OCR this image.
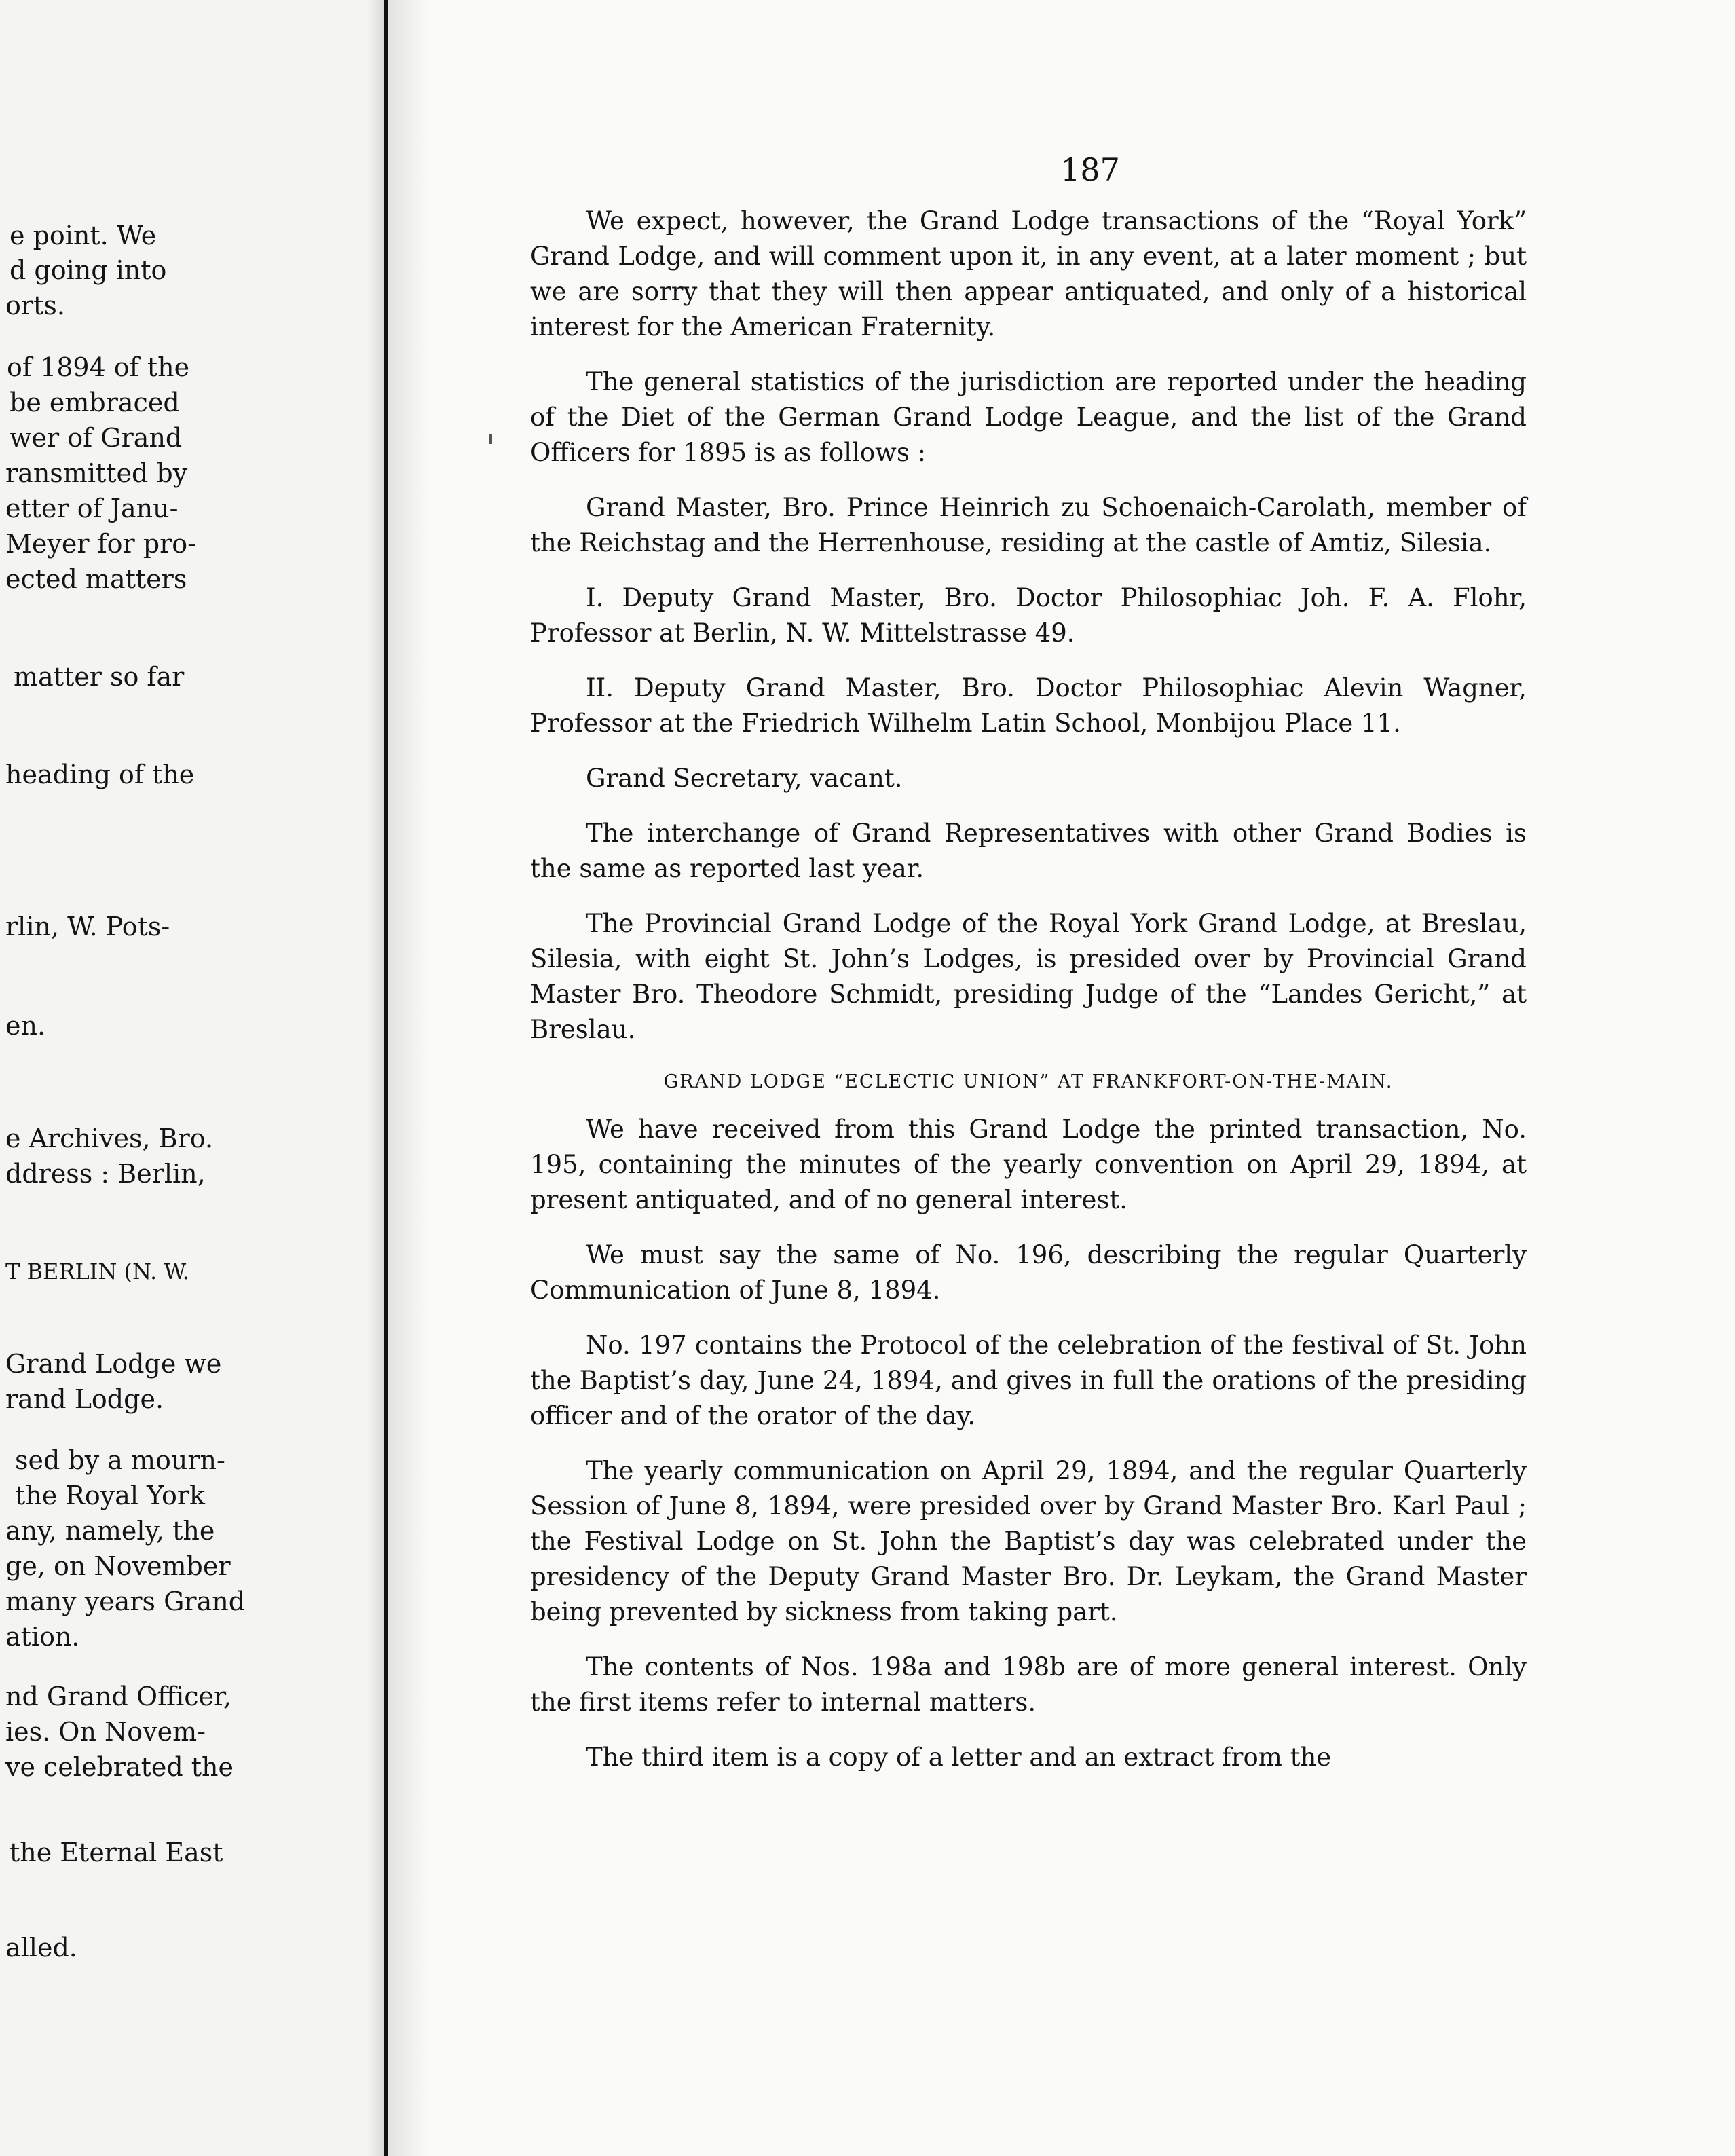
e point. We
d going into
orts.
of 1894 of the
be embraced
wer of Grand
ransmitted by
etter of Janu-
Meyer for pro-
ected matters
matter so far
heading of the
rlin, W. Pots-
en.
e Archives, Bro.
ddress : Berlin,
T BERLIN (N. W.
Grand Lodge we
rand Lodge.
sed by a mourn-
the Royal York
any, namely, the
ge, on November
many years Grand
ation.
nd Grand Officer,
ies. On Novem-
ve celebrated the
the Eternal East
alled.
187

We expect, however, the Grand Lodge transactions of the “Royal York” Grand Lodge, and will comment upon it, in any event, at a later moment ; but we are sorry that they will then appear antiquated, and only of a historical interest for the American Fraternity.

The general statistics of the jurisdiction are reported under the heading of the Diet of the German Grand Lodge League, and the list of the Grand Officers for 1895 is as follows :

Grand Master, Bro. Prince Heinrich zu Schoenaich-Carolath, member of the Reichstag and the Herrenhouse, residing at the castle of Amtiz, Silesia.

I. Deputy Grand Master, Bro. Doctor Philosophiac Joh. F. A. Flohr, Professor at Berlin, N. W. Mittelstrasse 49.

II. Deputy Grand Master, Bro. Doctor Philosophiac Alevin Wagner, Professor at the Friedrich Wilhelm Latin School, Monbijou Place 11.

Grand Secretary, vacant.

The interchange of Grand Representatives with other Grand Bodies is the same as reported last year.

The Provincial Grand Lodge of the Royal York Grand Lodge, at Breslau, Silesia, with eight St. John’s Lodges, is presided over by Provincial Grand Master Bro. Theodore Schmidt, presiding Judge of the “Landes Gericht,” at Breslau.

GRAND LODGE “ECLECTIC UNION” AT FRANKFORT-ON-THE-MAIN.

We have received from this Grand Lodge the printed transaction, No. 195, containing the minutes of the yearly convention on April 29, 1894, at present antiquated, and of no general interest.

We must say the same of No. 196, describing the regular Quarterly Communication of June 8, 1894.

No. 197 contains the Protocol of the celebration of the festival of St. John the Baptist’s day, June 24, 1894, and gives in full the orations of the presiding officer and of the orator of the day.

The yearly communication on April 29, 1894, and the regular Quarterly Session of June 8, 1894, were presided over by Grand Master Bro. Karl Paul ; the Festival Lodge on St. John the Baptist’s day was celebrated under the presidency of the Deputy Grand Master Bro. Dr. Leykam, the Grand Master being prevented by sickness from taking part.

The contents of Nos. 198a and 198b are of more general interest. Only the first items refer to internal matters.

The third item is a copy of a letter and an extract from the
